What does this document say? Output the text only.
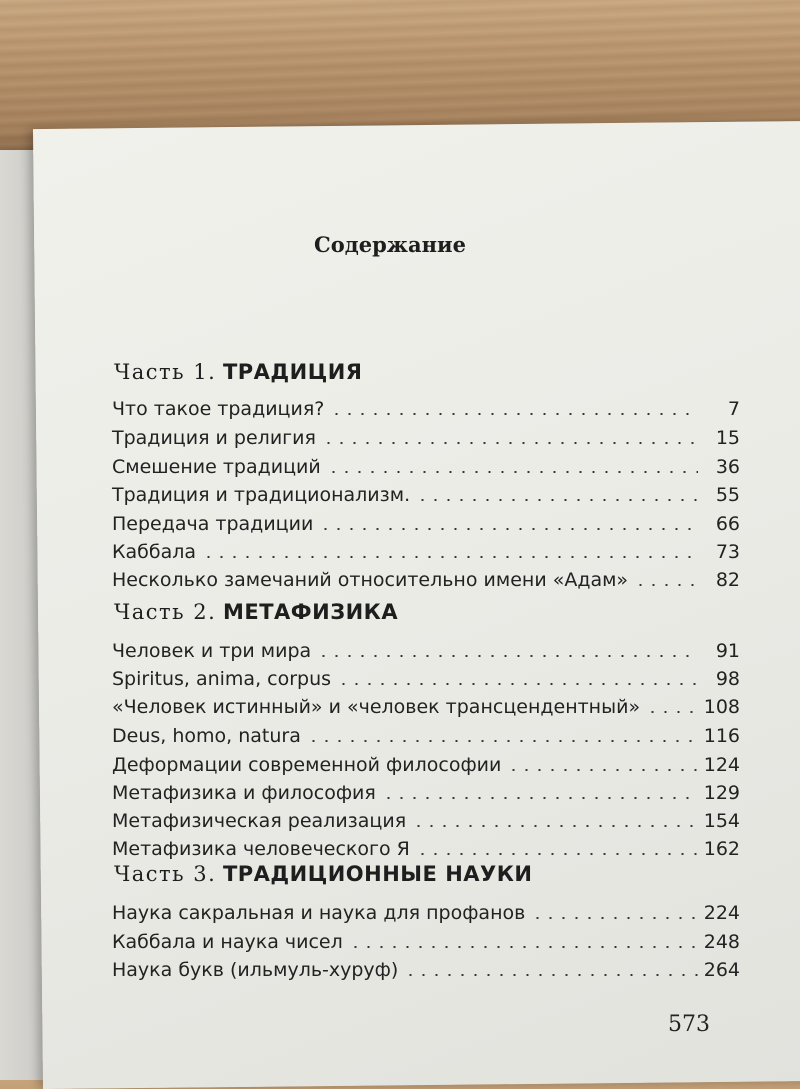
Содержание
Часть 1. ТРАДИЦИЯ
Что такое традиция?	7
Традиция и религия	15
Смешение традиций	36
Традиция и традиционализм.	55
Передача традиции	66
Каббала	73
Несколько замечаний относительно имени «Адам»	82
Часть 2. МЕТАФИЗИКА
Человек и три мира	91
Spiritus, anima, corpus	98
«Человек истинный» и «человек трансцендентный»	108
Deus, homo, natura	116
Деформации современной философии	124
Метафизика и философия	129
Метафизическая реализация	154
Метафизика человеческого Я	162
Часть 3. ТРАДИЦИОННЫЕ НАУКИ
Наука сакральная и наука для профанов	224
Каббала и наука чисел	248
Наука букв (ильмуль-хуруф)	264
573
